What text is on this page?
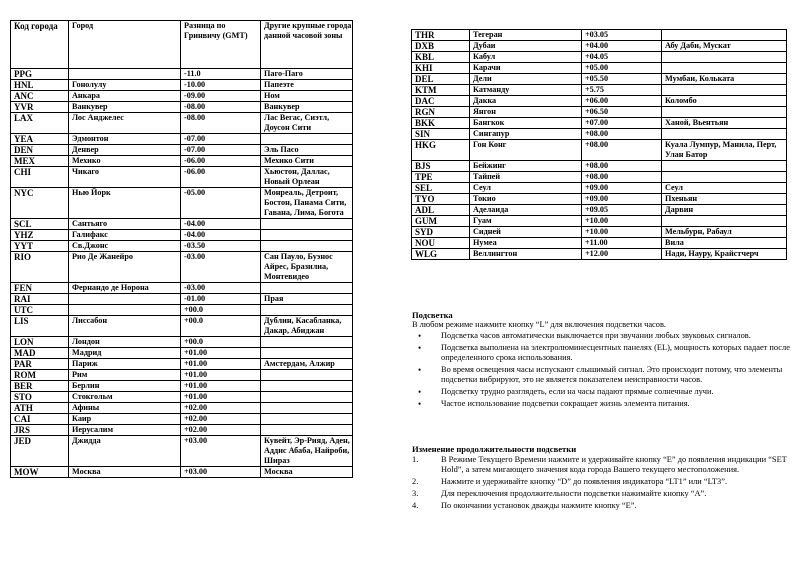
Код города	Город	Разница по Гринвичу (GMT)	Другие крупные города данной часовой зоны
PPG		-11.0	Паго-Паго
HNL	Гонолулу	-10.00	Папеэте
ANC	Анкара	-09.00	Ном
YVR	Ванкувер	-08.00	Ванкувер
LAX	Лос Анджелес	-08.00	Лас Вегас, Сиэтл, Доусон Сити
YEA	Эдмонтон	-07.00	
DEN	Денвер	-07.00	Эль Пасо
MEX	Мехико	-06.00	Мехико Сити
CHI	Чикаго	-06.00	Хьюстон, Даллас, Новый Орлеан
NYC	Нью Йорк	-05.00	Монреаль, Детроит, Бостон, Панама Сити, Гавана, Лима, Богота
SCL	Сантьяго	-04.00	
YHZ	Галифакс	-04.00	
YYT	Св.Джонс	-03.50	
RIO	Рио Де Жанейро	-03.00	Сан Пауло, Буэнос Айрес, Бразилиа, Монтевидео
FEN	Фернандо де Норона	-03.00	
RAI		-01.00	Прая
UTC		+00.0	
LIS	Лиссабон	+00.0	Дублин, Касабланка, Дакар, Абиджан
LON	Лондон	+00.0	
MAD	Мадрид	+01.00	
PAR	Париж	+01.00	Амстердам, Алжир
ROM	Рим	+01.00	
BER	Берлин	+01.00	
STO	Стокгольм	+01.00	
ATH	Афины	+02.00	
CAI	Каир	+02.00	
JRS	Иерусалим	+02.00	
JED	Джидда	+03.00	Кувейт, Эр-Рияд, Аден, Аддис Абаба, Найроби, Шираз
MOW	Москва	+03.00	Москва
THR	Тегеран	+03.05	
DXB	Дубаи	+04.00	Абу Даби, Мускат
KBL	Кабул	+04.05	
KHI	Карачи	+05.00	
DEL	Дели	+05.50	Мумбаи, Колькатa
KTM	Катманду	+5.75	
DAC	Дакка	+06.00	Коломбо
RGN	Янгон	+06.50	
BKK	Бангкок	+07.00	Ханой, Вьентьян
SIN	Сингапур	+08.00	
HKG	Гон Конг	+08.00	Куала Лумпур, Манила, Перт, Улан Батор
BJS	Бейжинг	+08.00	
TPE	Тайпей	+08.00	
SEL	Сеул	+09.00	Сеул
TYO	Токио	+09.00	Пхеньян
ADL	Аделаида	+09.05	Дарвин
GUM	Гуам	+10.00	
SYD	Сидней	+10.00	Мельбурн, Рабаул
NOU	Нумеа	+11.00	Вила
WLG	Веллингтон	+12.00	Нади, Науру, Крайстчерч
Подсветка

В любом режиме нажмите кнопку “L” для включения подсветки часов.

• Подсветка часов автоматически выключается при звучании любых звуковых сигналов.
• Подсветка выполнена на электролюминесцентных панелях (EL), мощность которых падает после определенного срока использования.
• Во время освещения часы испускают слышимый сигнал. Это происходит потому, что элементы подсветки вибрируют, это не является показателем неисправности часов.
• Подсветку трудно разглядеть, если на часы падают прямые солнечные лучи.
• Частое использование подсветки сокращает жизнь элемента питания.
Изменение продолжительности подсветки
1.	В Режиме Текущего Времени нажмите и удерживайте кнопку “E” до появления индикации “SET Hold”, а затем мигающего значения кода города Вашего текущего местоположения.
2.	Нажмите и удерживайте кнопку “D” до появления индикатора “LT1” или “LT3”.
3.	Для переключения продолжительности подсветки нажимайте кнопку “A”.
4.	По окончании установок дважды нажмите кнопку “E”.
